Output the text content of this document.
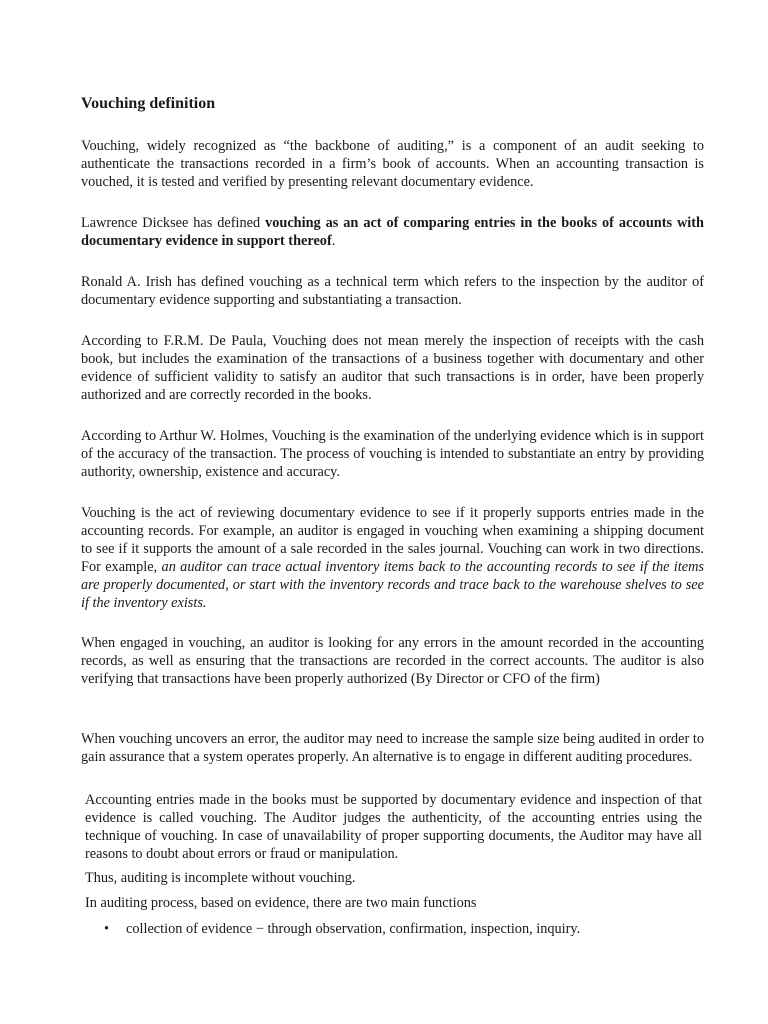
Vouching definition

Vouching, widely recognized as “the backbone of auditing,” is a component of an audit seeking to authenticate the transactions recorded in a firm’s book of accounts. When an accounting transaction is vouched, it is tested and verified by presenting relevant documentary evidence.

Lawrence Dicksee has defined vouching as an act of comparing entries in the books of accounts with documentary evidence in support thereof.

Ronald A. Irish has defined vouching as a technical term which refers to the inspection by the auditor of documentary evidence supporting and substantiating a transaction.

According to F.R.M. De Paula, Vouching does not mean merely the inspection of receipts with the cash book, but includes the examination of the transactions of a business together with documentary and other evidence of sufficient validity to satisfy an auditor that such transactions is in order, have been properly authorized and are correctly recorded in the books.

According to Arthur W. Holmes, Vouching is the examination of the underlying evidence which is in support of the accuracy of the transaction. The process of vouching is intended to substantiate an entry by providing authority, ownership, existence and accuracy.

Vouching is the act of reviewing documentary evidence to see if it properly supports entries made in the accounting records. For example, an auditor is engaged in vouching when examining a shipping document to see if it supports the amount of a sale recorded in the sales journal. Vouching can work in two directions. For example, an auditor can trace actual inventory items back to the accounting records to see if the items are properly documented, or start with the inventory records and trace back to the warehouse shelves to see if the inventory exists.

When engaged in vouching, an auditor is looking for any errors in the amount recorded in the accounting records, as well as ensuring that the transactions are recorded in the correct accounts. The auditor is also verifying that transactions have been properly authorized (By Director or CFO of the firm)

When vouching uncovers an error, the auditor may need to increase the sample size being audited in order to gain assurance that a system operates properly. An alternative is to engage in different auditing procedures.

Accounting entries made in the books must be supported by documentary evidence and inspection of that evidence is called vouching. The Auditor judges the authenticity, of the accounting entries using the technique of vouching. In case of unavailability of proper supporting documents, the Auditor may have all reasons to doubt about errors or fraud or manipulation.

Thus, auditing is incomplete without vouching.

In auditing process, based on evidence, there are two main functions

• collection of evidence − through observation, confirmation, inspection, inquiry.
